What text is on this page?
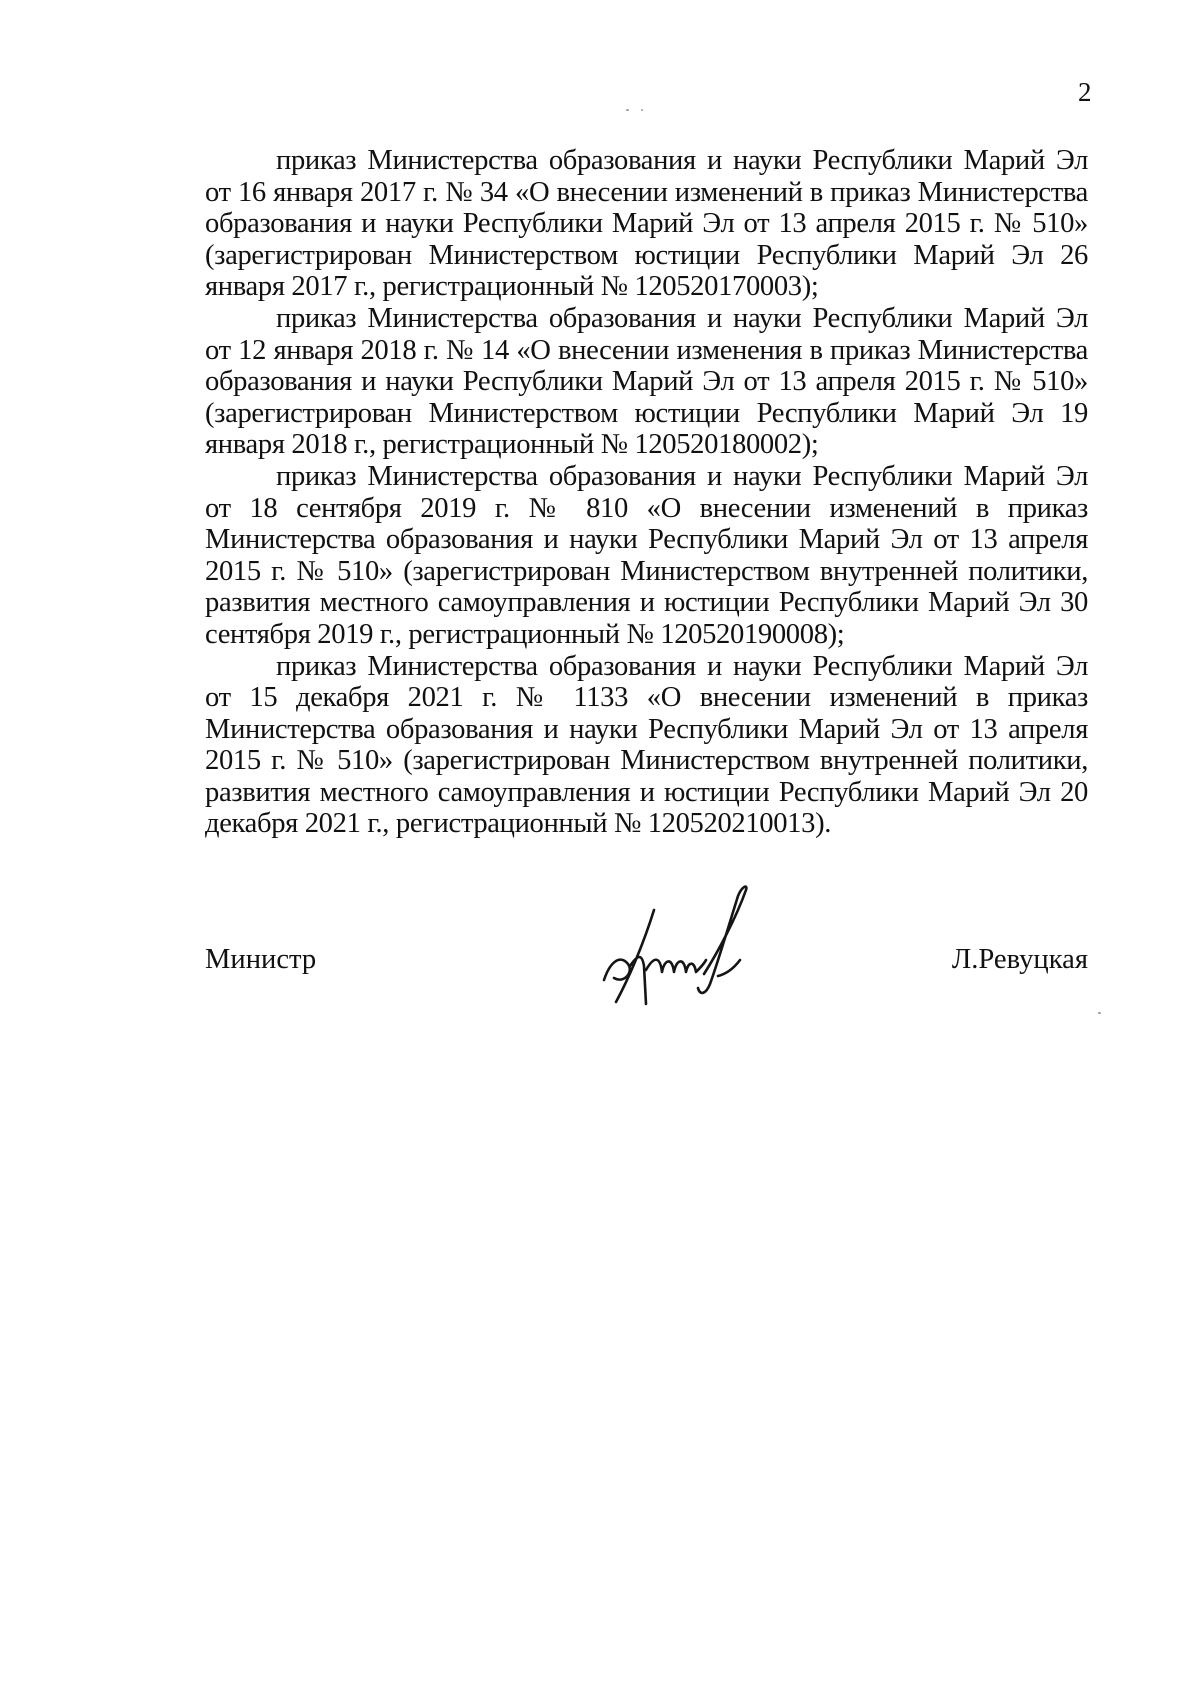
2

приказ Министерства образования и науки Республики Марий Эл от 16 января 2017 г. № 34 «О внесении изменений в приказ Министерства образования и науки Республики Марий Эл от 13 апреля 2015 г. № 510» (зарегистрирован Министерством юстиции Республики Марий Эл 26 января 2017 г., регистрационный № 120520170003);

приказ Министерства образования и науки Республики Марий Эл от 12 января 2018 г. № 14 «О внесении изменения в приказ Министерства образования и науки Республики Марий Эл от 13 апреля 2015 г. № 510» (зарегистрирован Министерством юстиции Республики Марий Эл 19 января 2018 г., регистрационный № 120520180002);

приказ Министерства образования и науки Республики Марий Эл от 18 сентября 2019 г. № 810 «О внесении изменений в приказ Министерства образования и науки Республики Марий Эл от 13 апреля 2015 г. № 510» (зарегистрирован Министерством внутренней политики, развития местного самоуправления и юстиции Республики Марий Эл 30 сентября 2019 г., регистрационный № 120520190008);

приказ Министерства образования и науки Республики Марий Эл от 15 декабря 2021 г. № 1133 «О внесении изменений в приказ Министерства образования и науки Республики Марий Эл от 13 апреля 2015 г. № 510» (зарегистрирован Министерством внутренней политики, развития местного самоуправления и юстиции Республики Марий Эл 20 декабря 2021 г., регистрационный № 120520210013).

Министр	Л.Ревуцкая
